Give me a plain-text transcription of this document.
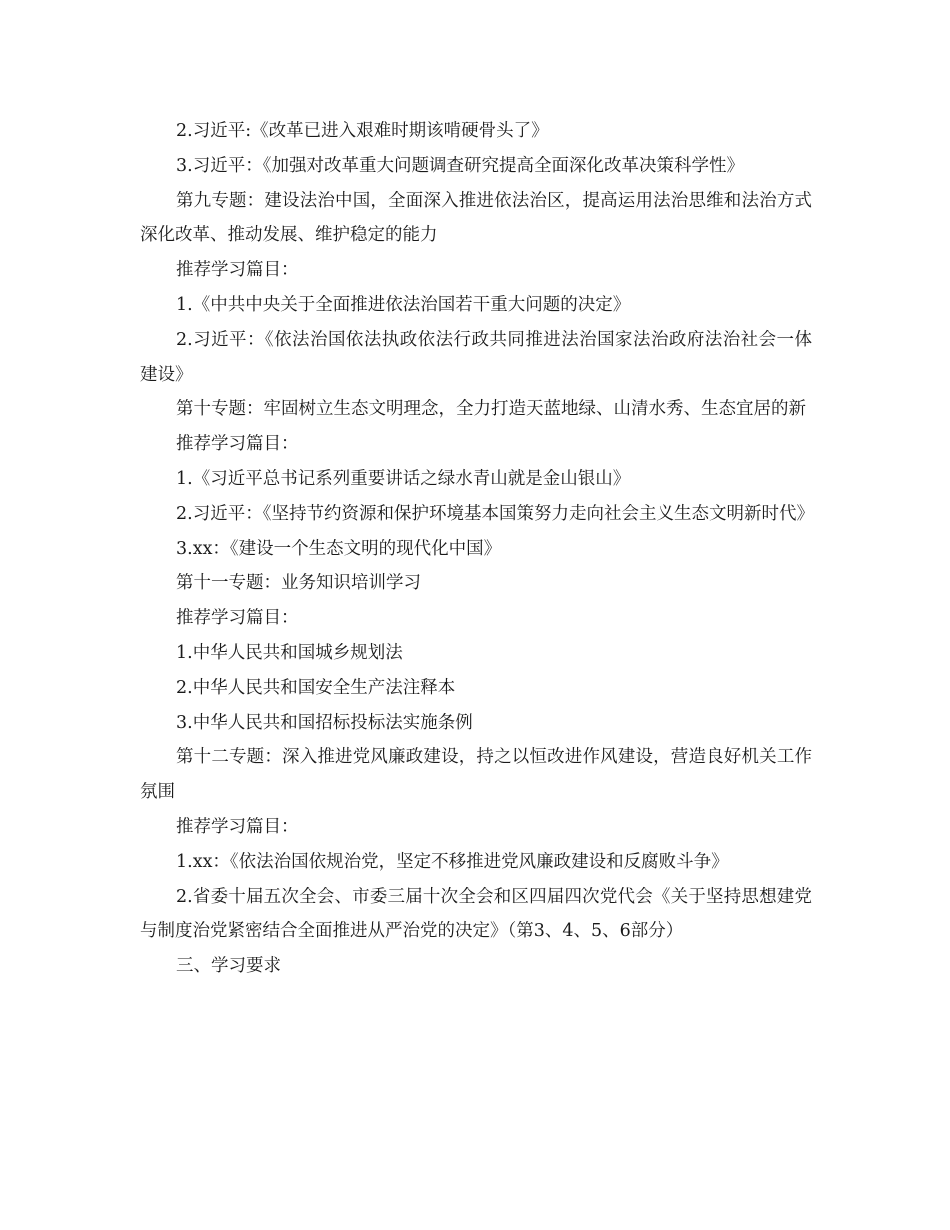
2.习近平:《改革已进入艰难时期该啃硬骨头了》

3.习近平：《加强对改革重大问题调查研究提高全面深化改革决策科学性》

第九专题：建设法治中国，全面深入推进依法治区，提高运用法治思维和法治方式深化改革、推动发展、维护稳定的能力

推荐学习篇目：

1.《中共中央关于全面推进依法治国若干重大问题的决定》

2.习近平：《依法治国依法执政依法行政共同推进法治国家法治政府法治社会一体建设》

第十专题：牢固树立生态文明理念，全力打造天蓝地绿、山清水秀、生态宜居的新

推荐学习篇目：

1.《习近平总书记系列重要讲话之绿水青山就是金山银山》

2.习近平：《坚持节约资源和保护环境基本国策努力走向社会主义生态文明新时代》

3.xx：《建设一个生态文明的现代化中国》

第十一专题：业务知识培训学习

推荐学习篇目：

1.中华人民共和国城乡规划法

2.中华人民共和国安全生产法注释本

3.中华人民共和国招标投标法实施条例

第十二专题：深入推进党风廉政建设，持之以恒改进作风建设，营造良好机关工作氛围

推荐学习篇目：

1.xx：《依法治国依规治党，坚定不移推进党风廉政建设和反腐败斗争》

2.省委十届五次全会、市委三届十次全会和区四届四次党代会《关于坚持思想建党与制度治党紧密结合全面推进从严治党的决定》（第3、4、5、6部分）

三、学习要求
